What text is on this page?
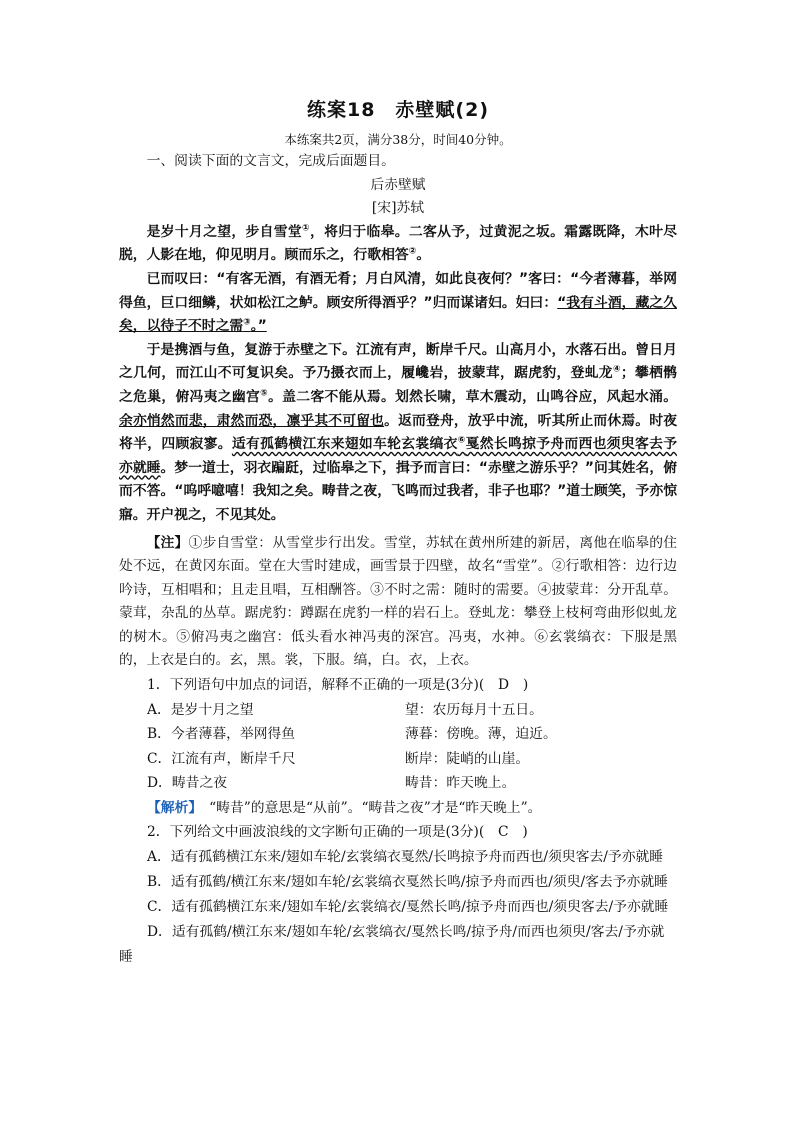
练案18　赤壁赋(2)

本练案共2页，满分38分，时间40分钟。

一、阅读下面的文言文，完成后面题目。

后赤壁赋

[宋]苏轼

是岁十月之望，步自雪堂①，将归于临皋。二客从予，过黄泥之坂。霜露既降，木叶尽脱，人影在地，仰见明月。顾而乐之，行歌相答②。

已而叹曰：“有客无酒，有酒无肴；月白风清，如此良夜何？”客曰：“今者薄暮，举网得鱼，巨口细鳞，状如松江之鲈。顾安所得酒乎？”归而谋诸妇。妇曰：“我有斗酒，藏之久矣，以待子不时之需③。”

于是携酒与鱼，复游于赤壁之下。江流有声，断岸千尺。山高月小，水落石出。曾日月之几何，而江山不可复识矣。予乃摄衣而上，履巉岩，披蒙茸，踞虎豹，登虬龙④；攀栖鹘之危巢，俯冯夷之幽宫⑤。盖二客不能从焉。划然长啸，草木震动，山鸣谷应，风起水涌。余亦悄然而悲，肃然而恐，凛乎其不可留也。返而登舟，放乎中流，听其所止而休焉。时夜将半，四顾寂寥。适有孤鹤横江东来翅如车轮玄裳缟衣⑥戛然长鸣掠予舟而西也须臾客去予亦就睡。梦一道士，羽衣蹁跹，过临皋之下，揖予而言曰：“赤壁之游乐乎？”问其姓名，俯而不答。“呜呼噫嘻！我知之矣。畴昔之夜，飞鸣而过我者，非子也耶？”道士顾笑，予亦惊寤。开户视之，不见其处。

【注】①步自雪堂：从雪堂步行出发。雪堂，苏轼在黄州所建的新居，离他在临皋的住处不远，在黄冈东面。堂在大雪时建成，画雪景于四壁，故名“雪堂”。②行歌相答：边行边吟诗，互相唱和；且走且唱，互相酬答。③不时之需：随时的需要。④披蒙茸：分开乱草。蒙茸，杂乱的丛草。踞虎豹：蹲踞在虎豹一样的岩石上。登虬龙：攀登上枝柯弯曲形似虬龙的树木。⑤俯冯夷之幽宫：低头看水神冯夷的深宫。冯夷，水神。⑥玄裳缟衣：下服是黑的，上衣是白的。玄，黑。裳，下服。缟，白。衣，上衣。

1．下列语句中加点的词语，解释不正确的一项是(3分)(　D　)

A．是岁十月之望	望：农历每月十五日。
B．今者薄暮，举网得鱼	薄暮：傍晚。薄，迫近。
C．江流有声，断岸千尺	断岸：陡峭的山崖。
D．畴昔之夜	畴昔：昨天晚上。

【解析】　 “畴昔”的意思是“从前”。“畴昔之夜”才是“昨天晚上”。

2．下列给文中画波浪线的文字断句正确的一项是(3分)(　C　)

A．适有孤鹤横江东来/翅如车轮/玄裳缟衣戛然/长鸣掠予舟而西也/须臾客去/予亦就睡

B．适有孤鹤/横江东来/翅如车轮/玄裳缟衣戛然长鸣/掠予舟而西也/须臾/客去予亦就睡

C．适有孤鹤横江东来/翅如车轮/玄裳缟衣/戛然长鸣/掠予舟而西也/须臾客去/予亦就睡

D．适有孤鹤/横江东来/翅如车轮/玄裳缟衣/戛然长鸣/掠予舟/而西也须臾/客去/予亦就睡
